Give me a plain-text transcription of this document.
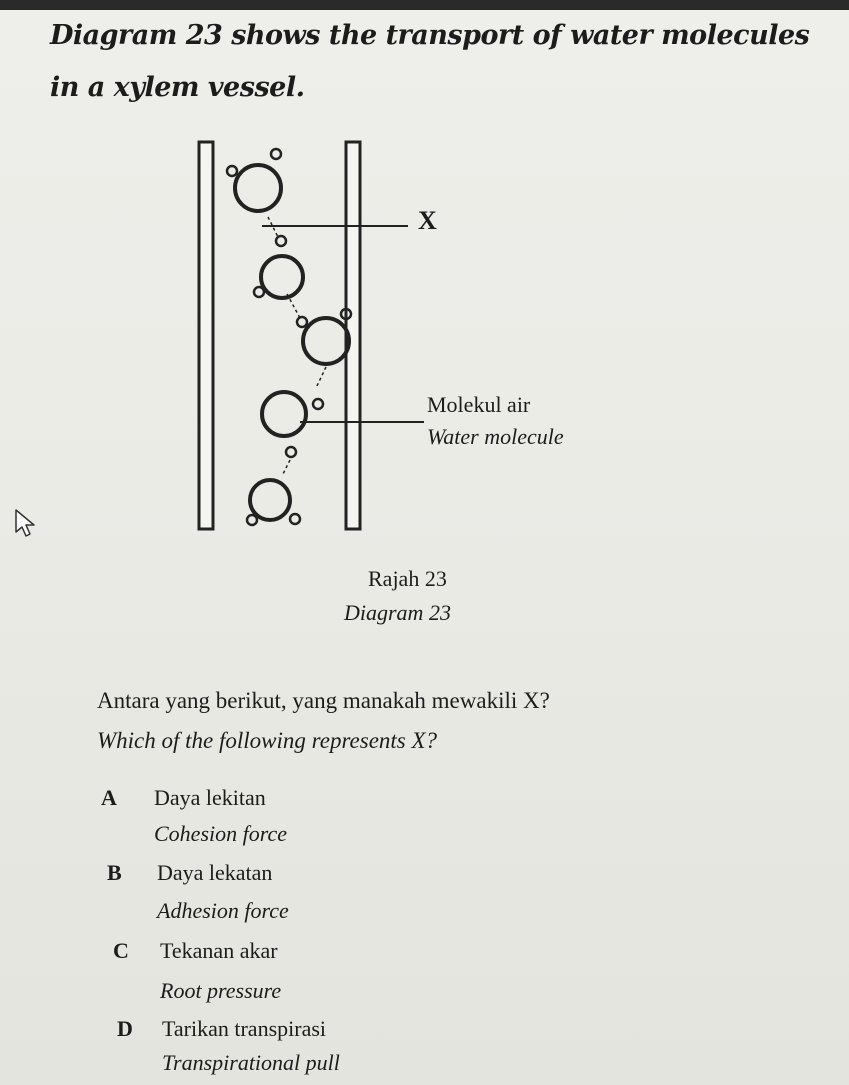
Diagram 23 shows the transport of water molecules in a xylem vessel.

X
Molekul air
Water molecule
Rajah 23
Diagram 23
Antara yang berikut, yang manakah mewakili X?
Which of the following represents X?
A Daya lekitan
Cohesion force
B Daya lekatan
Adhesion force
C Tekanan akar
Root pressure
D Tarikan transpirasi
Transpirational pull
